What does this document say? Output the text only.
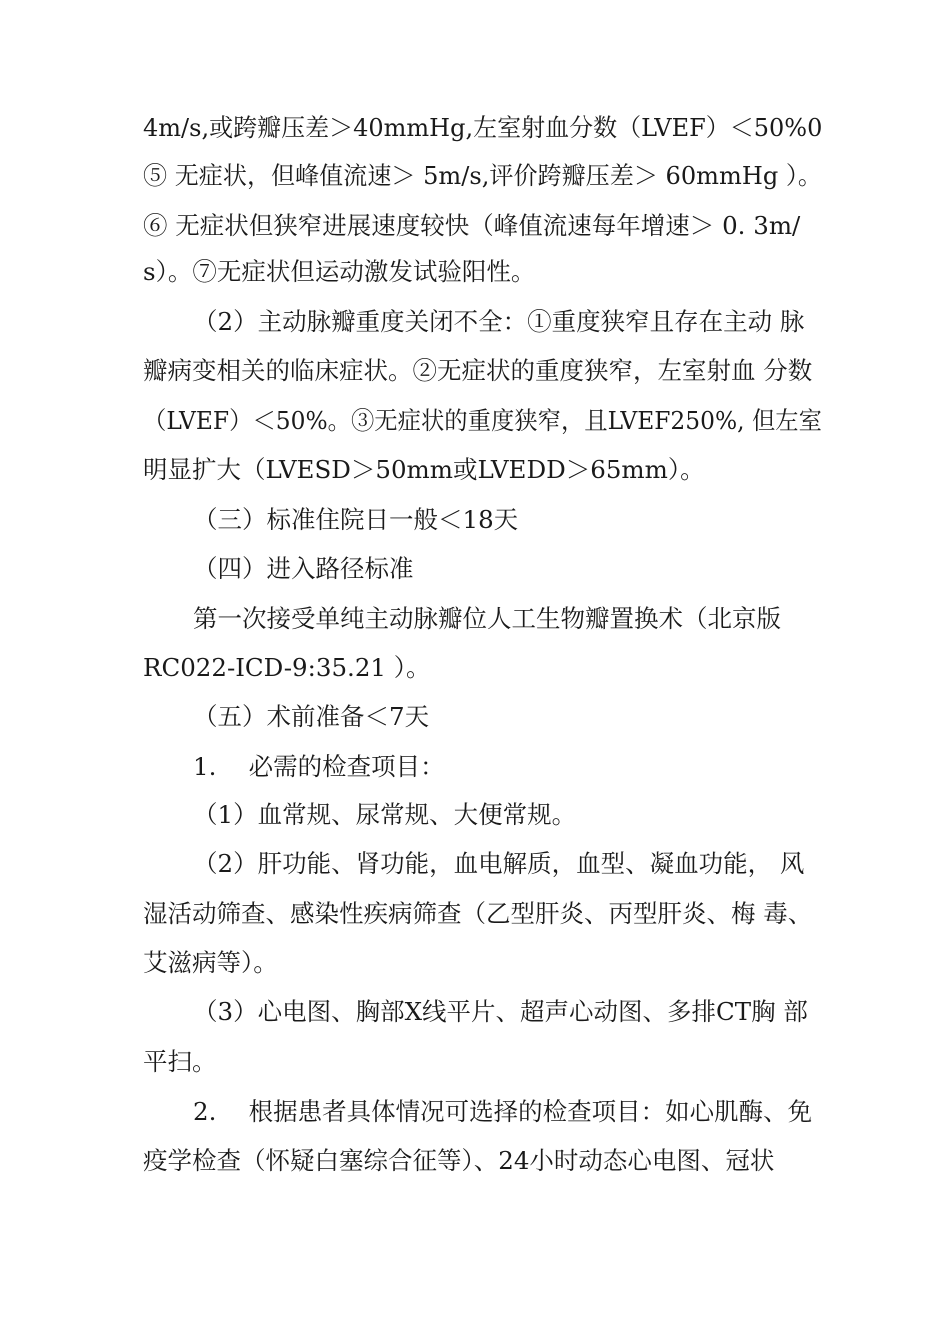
4m/s,或跨瓣压差＞40mmHg,左室射血分数（LVEF）＜50%0
⑤ 无症状，但峰值流速＞ 5m/s,评价跨瓣压差＞ 60mmHg ）。
⑥ 无症状但狭窄进展速度较快（峰值流速每年增速＞ 0. 3m/
s）。⑦无症状但运动激发试验阳性。
（2）主动脉瓣重度关闭不全：①重度狭窄且存在主动 脉
瓣病变相关的临床症状。②无症状的重度狭窄，左室射血 分数
（LVEF）＜50%。③无症状的重度狭窄，且LVEF250%, 但左室
明显扩大（LVESD＞50mm或LVEDD＞65mm）。
（三）标准住院日一般＜18天
（四）进入路径标准
第一次接受单纯主动脉瓣位人工生物瓣置换术（北京版
RC022-ICD-9:35.21 ）。
（五）术前准备＜7天
1.　 必需的检查项目：
（1）血常规、尿常规、大便常规。
（2）肝功能、肾功能，血电解质，血型、凝血功能， 风
湿活动筛查、感染性疾病筛查（乙型肝炎、丙型肝炎、梅 毒、
艾滋病等）。
（3）心电图、胸部X线平片、超声心动图、多排CT胸 部
平扫。
2.　 根据患者具体情况可选择的检查项目：如心肌酶、免
疫学检查（怀疑白塞综合征等）、24小时动态心电图、冠状
